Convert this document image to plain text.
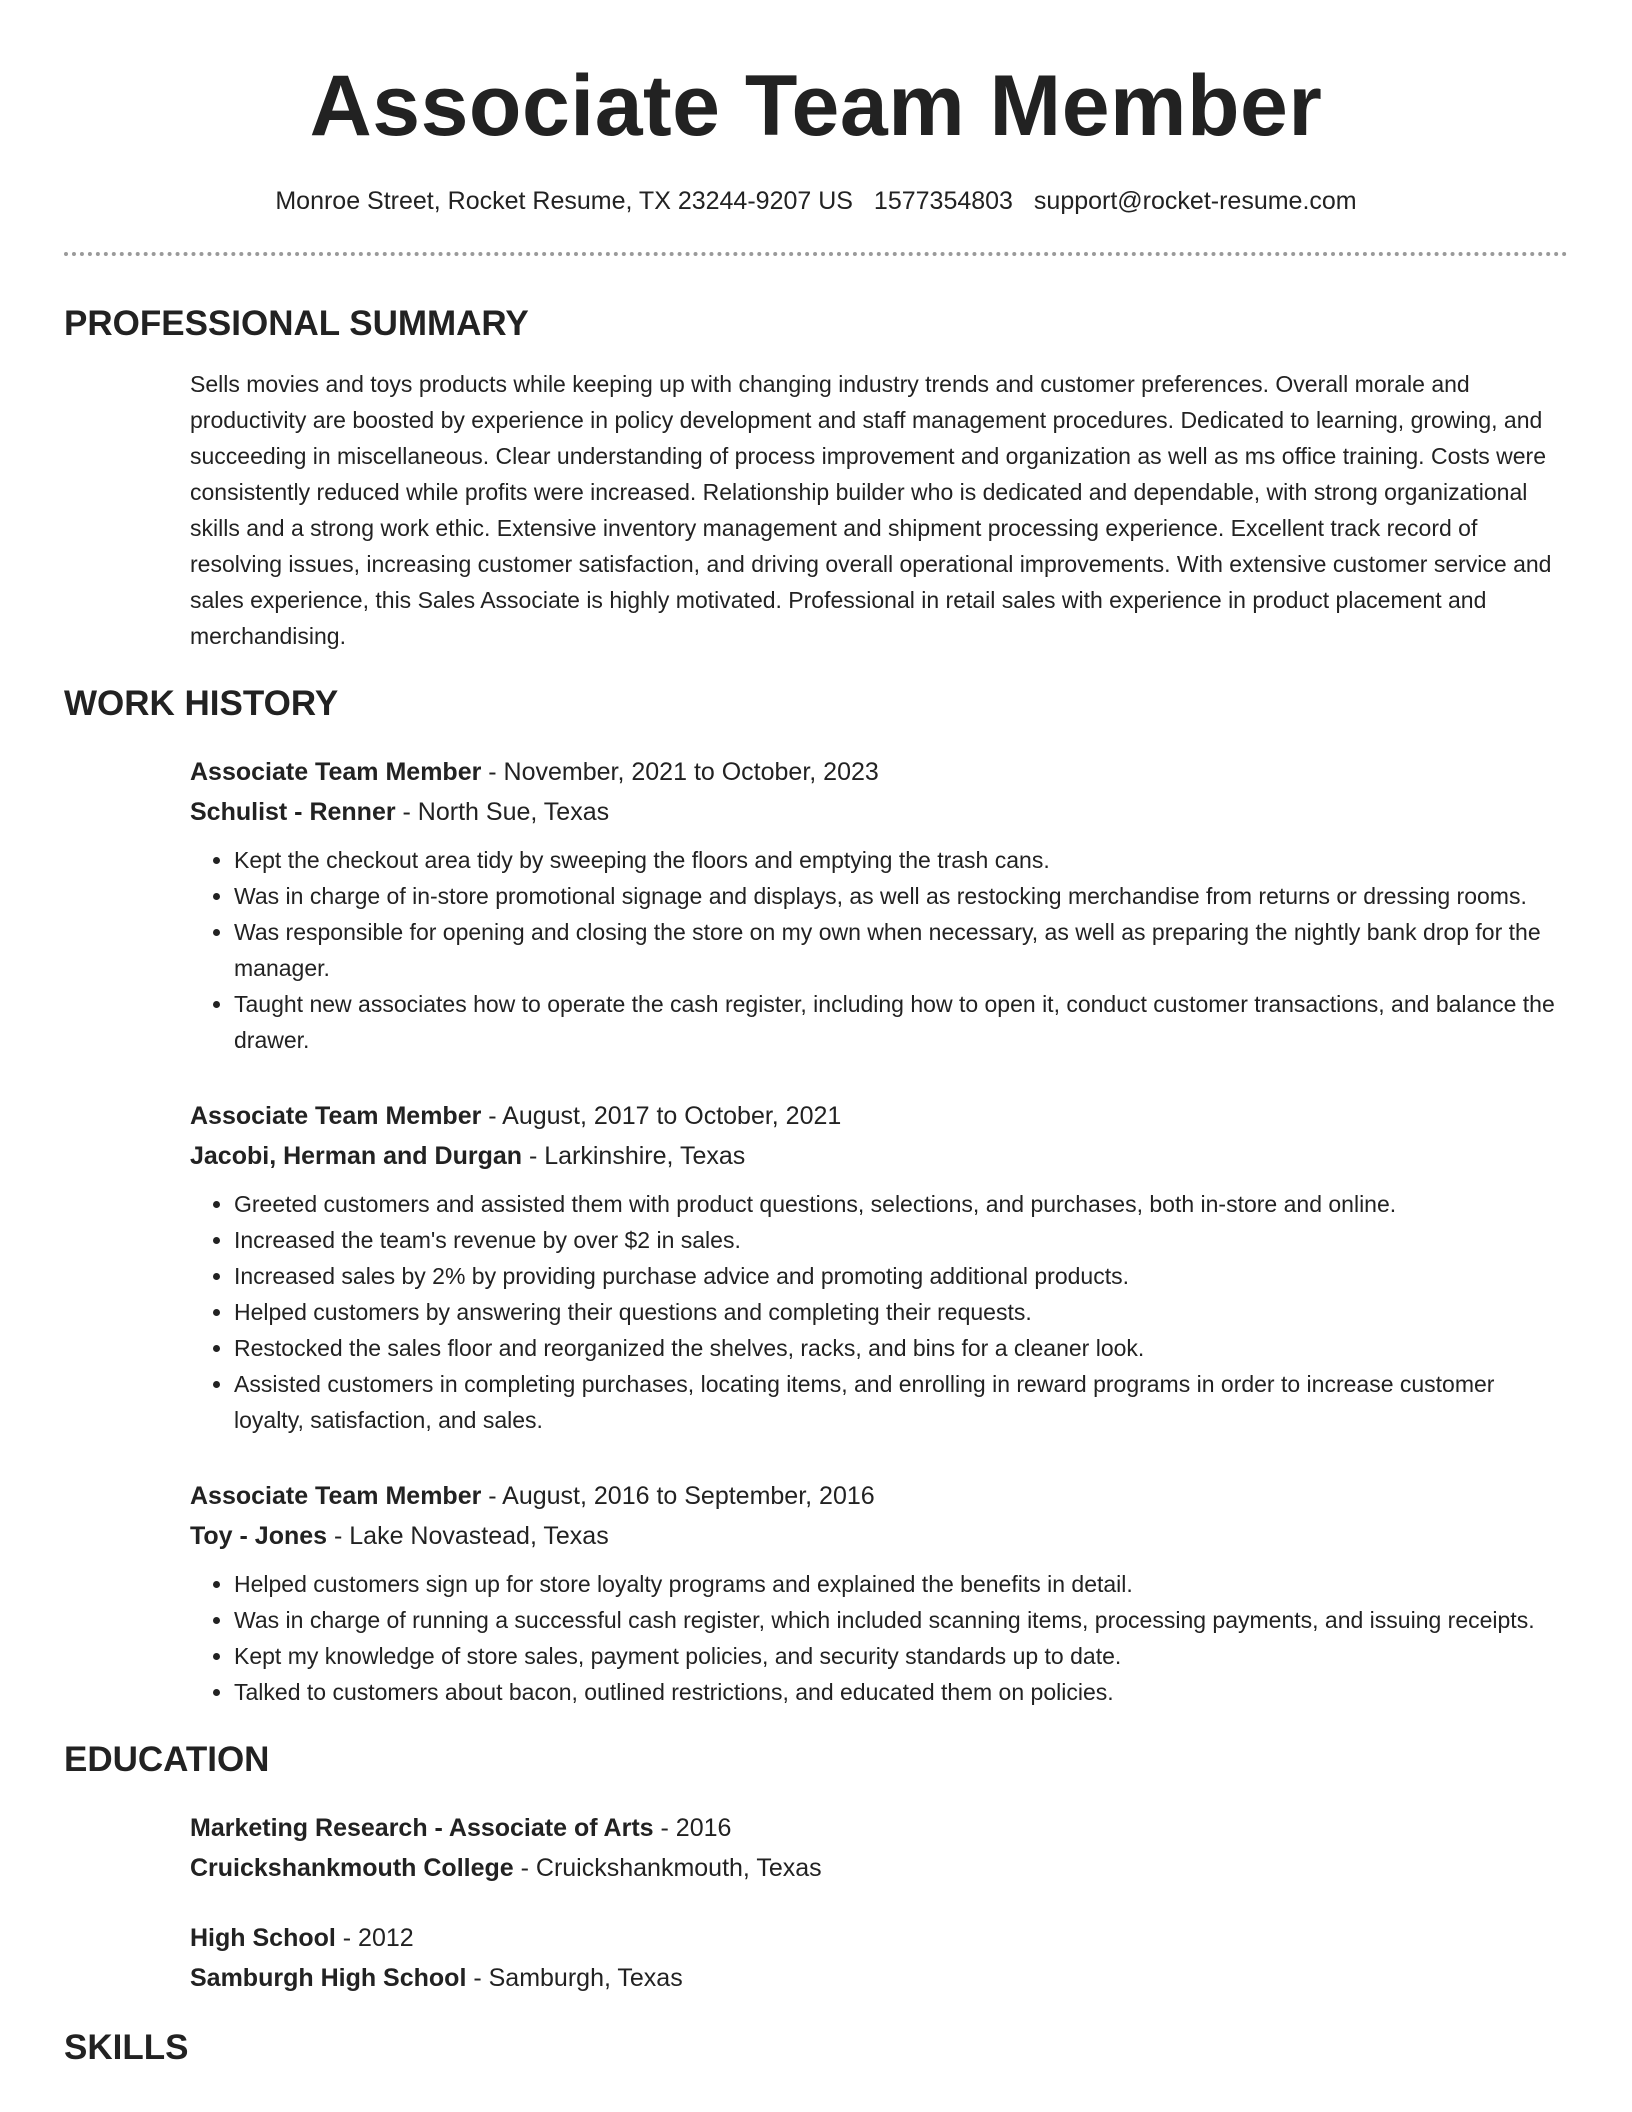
Associate Team Member
Monroe Street, Rocket Resume, TX 23244-9207 US 1577354803 support@rocket-resume.com
PROFESSIONAL SUMMARY
Sells movies and toys products while keeping up with changing industry trends and customer preferences. Overall morale and productivity are boosted by experience in policy development and staff management procedures. Dedicated to learning, growing, and succeeding in miscellaneous. Clear understanding of process improvement and organization as well as ms office training. Costs were consistently reduced while profits were increased. Relationship builder who is dedicated and dependable, with strong organizational skills and a strong work ethic. Extensive inventory management and shipment processing experience. Excellent track record of resolving issues, increasing customer satisfaction, and driving overall operational improvements. With extensive customer service and sales experience, this Sales Associate is highly motivated. Professional in retail sales with experience in product placement and merchandising.
WORK HISTORY
Associate Team Member - November, 2021 to October, 2023
Schulist - Renner - North Sue, Texas
• Kept the checkout area tidy by sweeping the floors and emptying the trash cans.
• Was in charge of in-store promotional signage and displays, as well as restocking merchandise from returns or dressing rooms.
• Was responsible for opening and closing the store on my own when necessary, as well as preparing the nightly bank drop for the manager.
• Taught new associates how to operate the cash register, including how to open it, conduct customer transactions, and balance the drawer.
Associate Team Member - August, 2017 to October, 2021
Jacobi, Herman and Durgan - Larkinshire, Texas
• Greeted customers and assisted them with product questions, selections, and purchases, both in-store and online.
• Increased the team's revenue by over $2 in sales.
• Increased sales by 2% by providing purchase advice and promoting additional products.
• Helped customers by answering their questions and completing their requests.
• Restocked the sales floor and reorganized the shelves, racks, and bins for a cleaner look.
• Assisted customers in completing purchases, locating items, and enrolling in reward programs in order to increase customer loyalty, satisfaction, and sales.
Associate Team Member - August, 2016 to September, 2016
Toy - Jones - Lake Novastead, Texas
• Helped customers sign up for store loyalty programs and explained the benefits in detail.
• Was in charge of running a successful cash register, which included scanning items, processing payments, and issuing receipts.
• Kept my knowledge of store sales, payment policies, and security standards up to date.
• Talked to customers about bacon, outlined restrictions, and educated them on policies.
EDUCATION
Marketing Research - Associate of Arts - 2016
Cruickshankmouth College - Cruickshankmouth, Texas
High School - 2012
Samburgh High School - Samburgh, Texas
SKILLS
